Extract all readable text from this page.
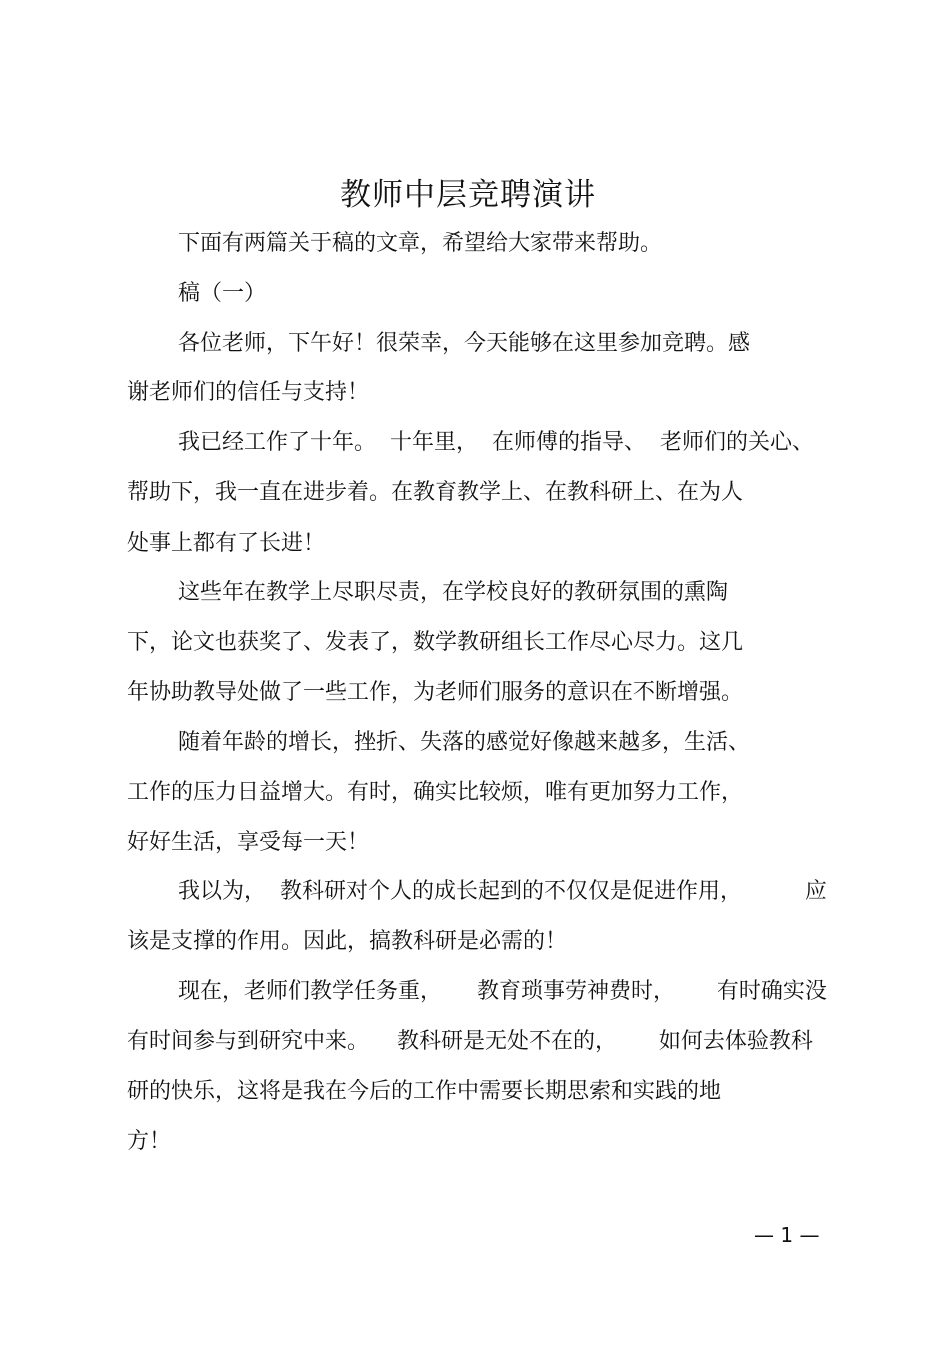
教师中层竞聘演讲

下面有两篇关于稿的文章，希望给大家带来帮助。

稿（一）

各位老师，下午好！很荣幸，今天能够在这里参加竞聘。感

谢老师们的信任与支持！

我已经工作了十年。  十年里，  在师傅的指导、  老师们的关心、

帮助下，我一直在进步着。在教育教学上、在教科研上、在为人

处事上都有了长进！

这些年在教学上尽职尽责，在学校良好的教研氛围的熏陶

下，论文也获奖了、发表了，数学教研组长工作尽心尽力。这几

年协助教导处做了一些工作，为老师们服务的意识在不断增强。

随着年龄的增长，挫折、失落的感觉好像越来越多，生活、

工作的压力日益增大。有时，确实比较烦，唯有更加努力工作，

好好生活，享受每一天！

我以为，  教科研对个人的成长起到的不仅仅是促进作用，         应

该是支撑的作用。因此，搞教科研是必需的！

现在，老师们教学任务重，     教育琐事劳神费时，      有时确实没

有时间参与到研究中来。    教科研是无处不在的，      如何去体验教科

研的快乐，这将是我在今后的工作中需要长期思索和实践的地

方！

— 1 —
